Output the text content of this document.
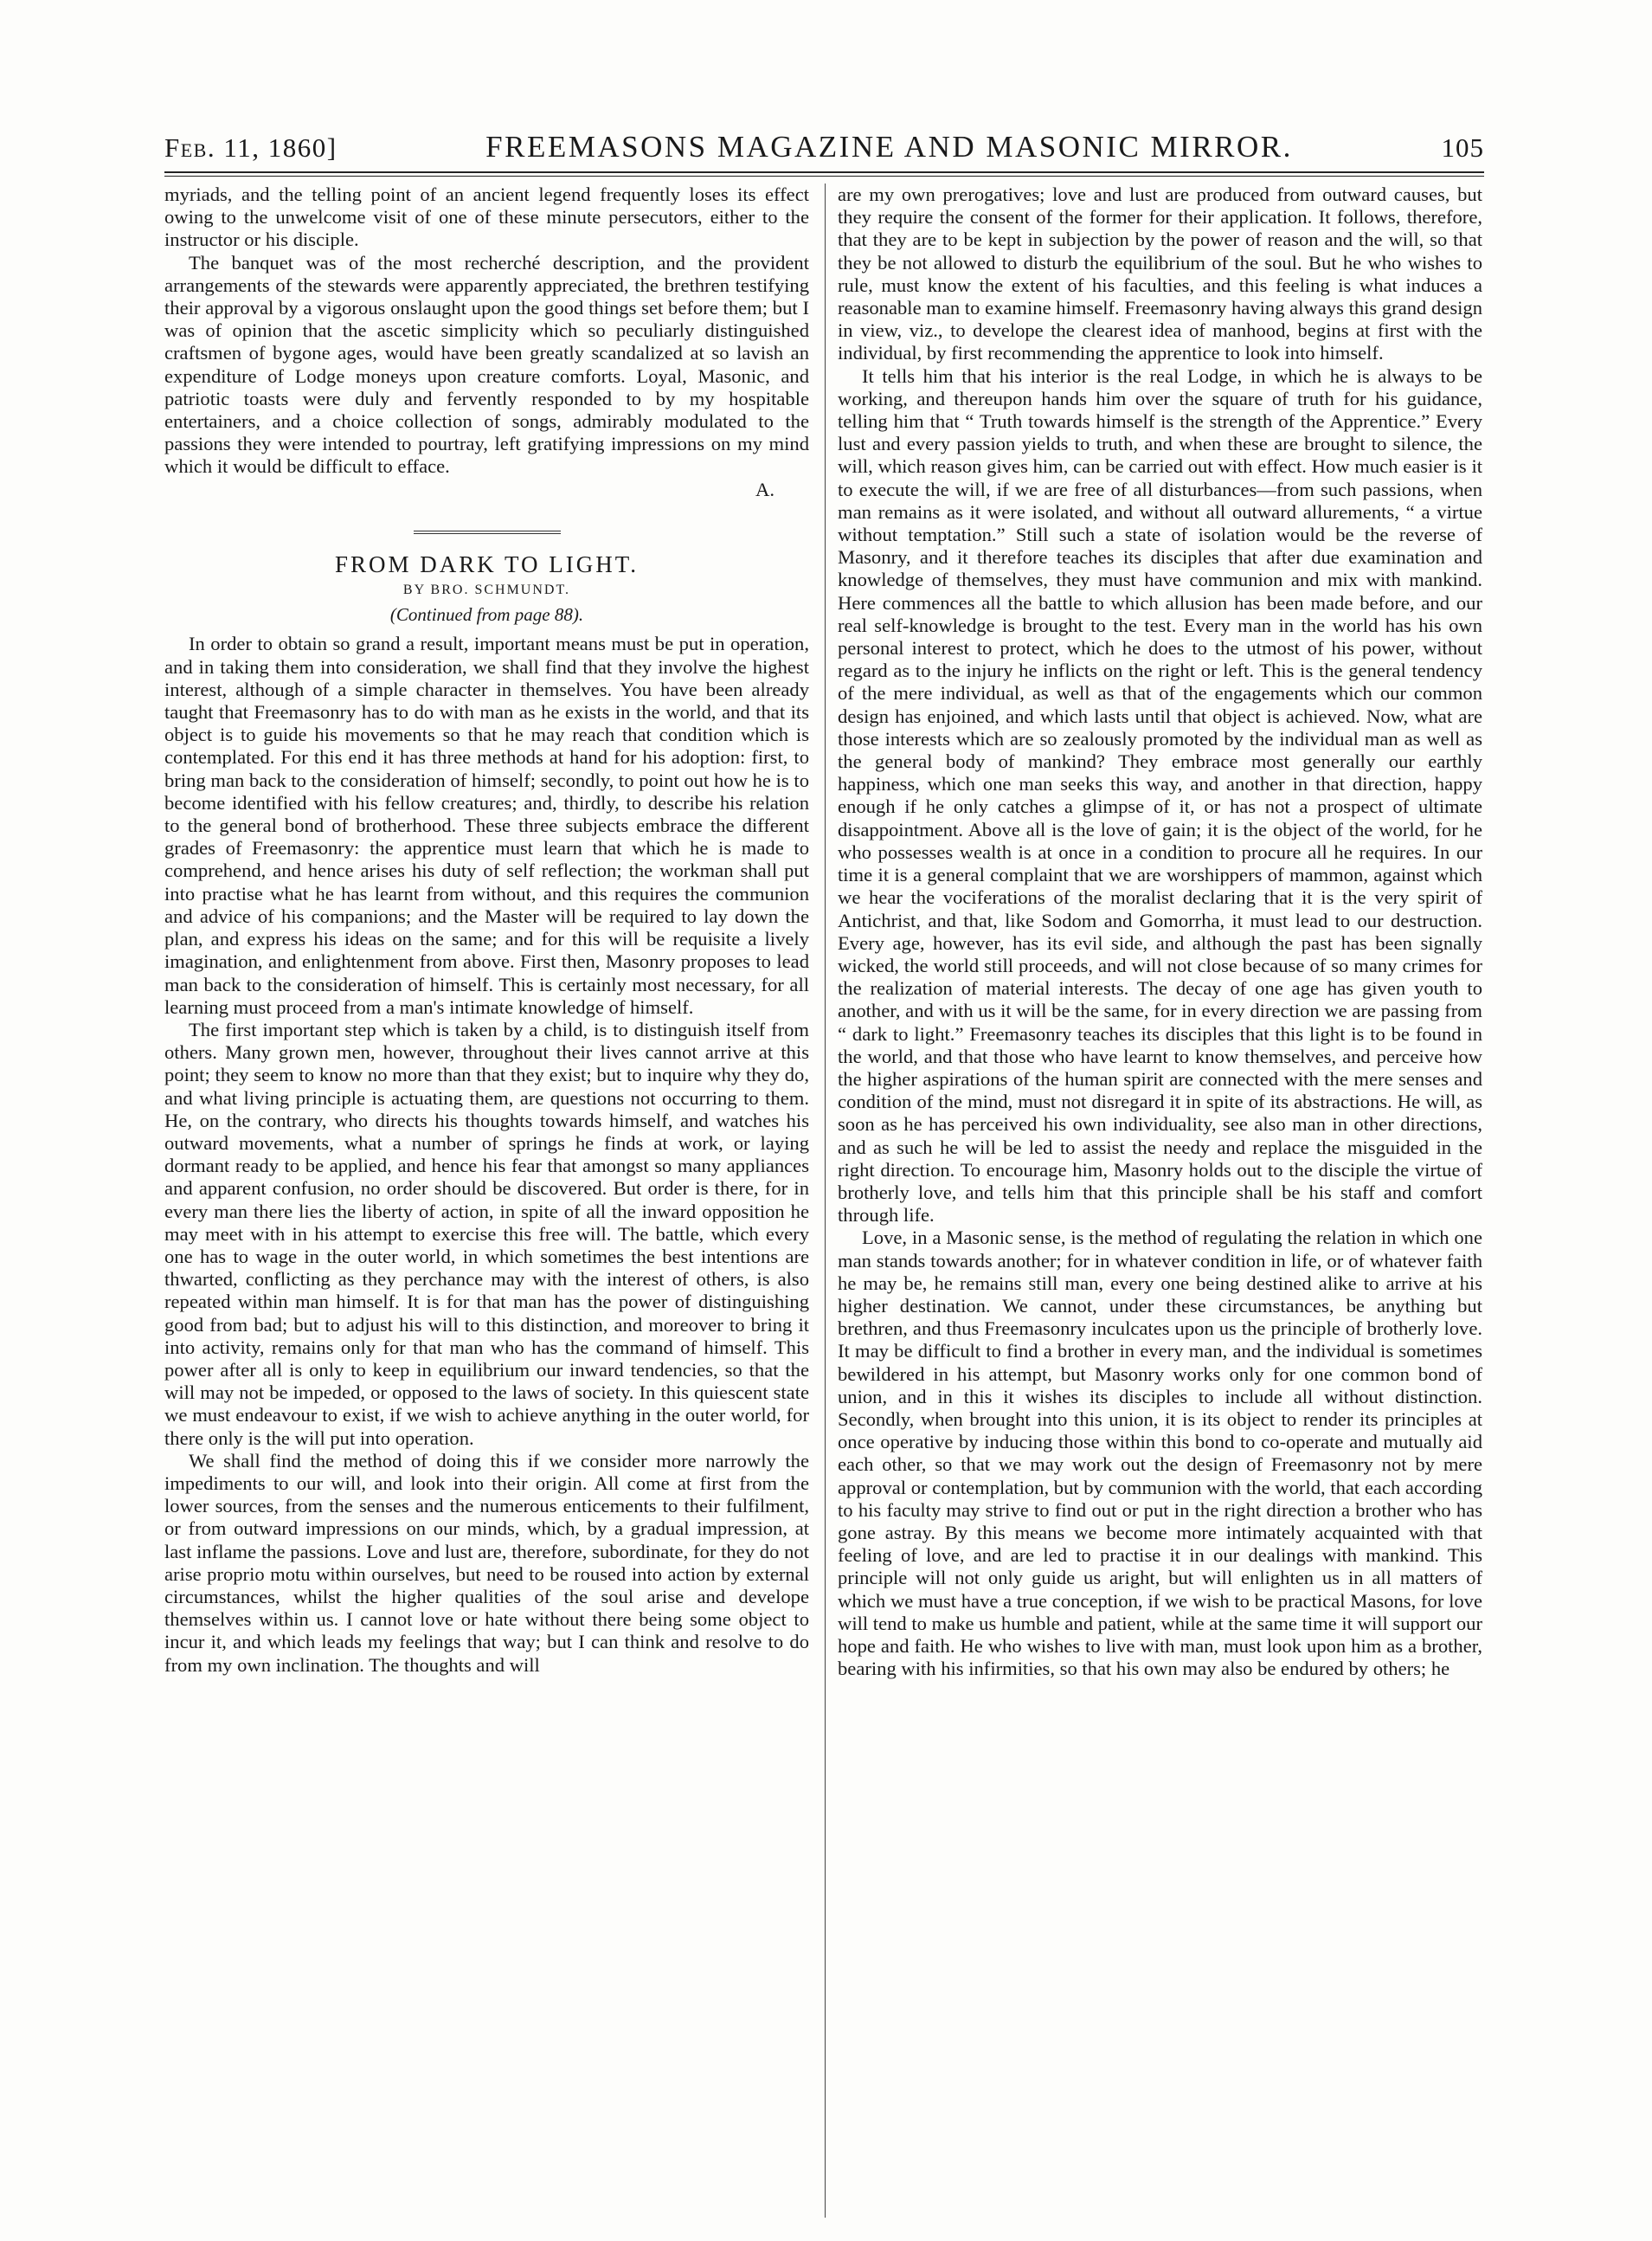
Feb. 11, 1860]	FREEMASONS MAGAZINE AND MASONIC MIRROR.	105

myriads, and the telling point of an ancient legend frequently loses its effect owing to the unwelcome visit of one of these minute persecutors, either to the instructor or his disciple.

The banquet was of the most recherché description, and the provident arrangements of the stewards were apparently appreciated, the brethren testifying their approval by a vigorous onslaught upon the good things set before them; but I was of opinion that the ascetic simplicity which so peculiarly distinguished craftsmen of bygone ages, would have been greatly scandalized at so lavish an expenditure of Lodge moneys upon creature comforts. Loyal, Masonic, and patriotic toasts were duly and fervently responded to by my hospitable entertainers, and a choice collection of songs, admirably modulated to the passions they were intended to pourtray, left gratifying impressions on my mind which it would be difficult to efface.

A.

FROM DARK TO LIGHT.
BY BRO. SCHMUNDT.
(Continued from page 88).

In order to obtain so grand a result, important means must be put in operation, and in taking them into consideration, we shall find that they involve the highest interest, although of a simple character in themselves. You have been already taught that Freemasonry has to do with man as he exists in the world, and that its object is to guide his movements so that he may reach that condition which is contemplated. For this end it has three methods at hand for his adoption: first, to bring man back to the consideration of himself; secondly, to point out how he is to become identified with his fellow creatures; and, thirdly, to describe his relation to the general bond of brotherhood. These three subjects embrace the different grades of Freemasonry: the apprentice must learn that which he is made to comprehend, and hence arises his duty of self reflection; the workman shall put into practise what he has learnt from without, and this requires the communion and advice of his companions; and the Master will be required to lay down the plan, and express his ideas on the same; and for this will be requisite a lively imagination, and enlightenment from above. First then, Masonry proposes to lead man back to the consideration of himself. This is certainly most necessary, for all learning must proceed from a man's intimate knowledge of himself.

The first important step which is taken by a child, is to distinguish itself from others. Many grown men, however, throughout their lives cannot arrive at this point; they seem to know no more than that they exist; but to inquire why they do, and what living principle is actuating them, are questions not occurring to them. He, on the contrary, who directs his thoughts towards himself, and watches his outward movements, what a number of springs he finds at work, or laying dormant ready to be applied, and hence his fear that amongst so many appliances and apparent confusion, no order should be discovered. But order is there, for in every man there lies the liberty of action, in spite of all the inward opposition he may meet with in his attempt to exercise this free will. The battle, which every one has to wage in the outer world, in which sometimes the best intentions are thwarted, conflicting as they perchance may with the interest of others, is also repeated within man himself. It is for that man has the power of distinguishing good from bad; but to adjust his will to this distinction, and moreover to bring it into activity, remains only for that man who has the command of himself. This power after all is only to keep in equilibrium our inward tendencies, so that the will may not be impeded, or opposed to the laws of society. In this quiescent state we must endeavour to exist, if we wish to achieve anything in the outer world, for there only is the will put into operation.

We shall find the method of doing this if we consider more narrowly the impediments to our will, and look into their origin. All come at first from the lower sources, from the senses and the numerous enticements to their fulfilment, or from outward impressions on our minds, which, by a gradual impression, at last inflame the passions. Love and lust are, therefore, subordinate, for they do not arise proprio motu within ourselves, but need to be roused into action by external circumstances, whilst the higher qualities of the soul arise and develope themselves within us. I cannot love or hate without there being some object to incur it, and which leads my feelings that way; but I can think and resolve to do from my own inclination. The thoughts and will

are my own prerogatives; love and lust are produced from outward causes, but they require the consent of the former for their application. It follows, therefore, that they are to be kept in subjection by the power of reason and the will, so that they be not allowed to disturb the equilibrium of the soul. But he who wishes to rule, must know the extent of his faculties, and this feeling is what induces a reasonable man to examine himself. Freemasonry having always this grand design in view, viz., to develope the clearest idea of manhood, begins at first with the individual, by first recommending the apprentice to look into himself.

It tells him that his interior is the real Lodge, in which he is always to be working, and thereupon hands him over the square of truth for his guidance, telling him that “ Truth towards himself is the strength of the Apprentice.” Every lust and every passion yields to truth, and when these are brought to silence, the will, which reason gives him, can be carried out with effect. How much easier is it to execute the will, if we are free of all disturbances—from such passions, when man remains as it were isolated, and without all outward allurements, “ a virtue without temptation.” Still such a state of isolation would be the reverse of Masonry, and it therefore teaches its disciples that after due examination and knowledge of themselves, they must have communion and mix with mankind. Here commences all the battle to which allusion has been made before, and our real self-knowledge is brought to the test. Every man in the world has his own personal interest to protect, which he does to the utmost of his power, without regard as to the injury he inflicts on the right or left. This is the general tendency of the mere individual, as well as that of the engagements which our common design has enjoined, and which lasts until that object is achieved. Now, what are those interests which are so zealously promoted by the individual man as well as the general body of mankind? They embrace most generally our earthly happiness, which one man seeks this way, and another in that direction, happy enough if he only catches a glimpse of it, or has not a prospect of ultimate disappointment. Above all is the love of gain; it is the object of the world, for he who possesses wealth is at once in a condition to procure all he requires. In our time it is a general complaint that we are worshippers of mammon, against which we hear the vociferations of the moralist declaring that it is the very spirit of Antichrist, and that, like Sodom and Gomorrha, it must lead to our destruction. Every age, however, has its evil side, and although the past has been signally wicked, the world still proceeds, and will not close because of so many crimes for the realization of material interests. The decay of one age has given youth to another, and with us it will be the same, for in every direction we are passing from “ dark to light.” Freemasonry teaches its disciples that this light is to be found in the world, and that those who have learnt to know themselves, and perceive how the higher aspirations of the human spirit are connected with the mere senses and condition of the mind, must not disregard it in spite of its abstractions. He will, as soon as he has perceived his own individuality, see also man in other directions, and as such he will be led to assist the needy and replace the misguided in the right direction. To encourage him, Masonry holds out to the disciple the virtue of brotherly love, and tells him that this principle shall be his staff and comfort through life.

Love, in a Masonic sense, is the method of regulating the relation in which one man stands towards another; for in whatever condition in life, or of whatever faith he may be, he remains still man, every one being destined alike to arrive at his higher destination. We cannot, under these circumstances, be anything but brethren, and thus Freemasonry inculcates upon us the principle of brotherly love. It may be difficult to find a brother in every man, and the individual is sometimes bewildered in his attempt, but Masonry works only for one common bond of union, and in this it wishes its disciples to include all without distinction. Secondly, when brought into this union, it is its object to render its principles at once operative by inducing those within this bond to co-operate and mutually aid each other, so that we may work out the design of Freemasonry not by mere approval or contemplation, but by communion with the world, that each according to his faculty may strive to find out or put in the right direction a brother who has gone astray. By this means we become more intimately acquainted with that feeling of love, and are led to practise it in our dealings with mankind. This principle will not only guide us aright, but will enlighten us in all matters of which we must have a true conception, if we wish to be practical Masons, for love will tend to make us humble and patient, while at the same time it will support our hope and faith. He who wishes to live with man, must look upon him as a brother, bearing with his infirmities, so that his own may also be endured by others; he
